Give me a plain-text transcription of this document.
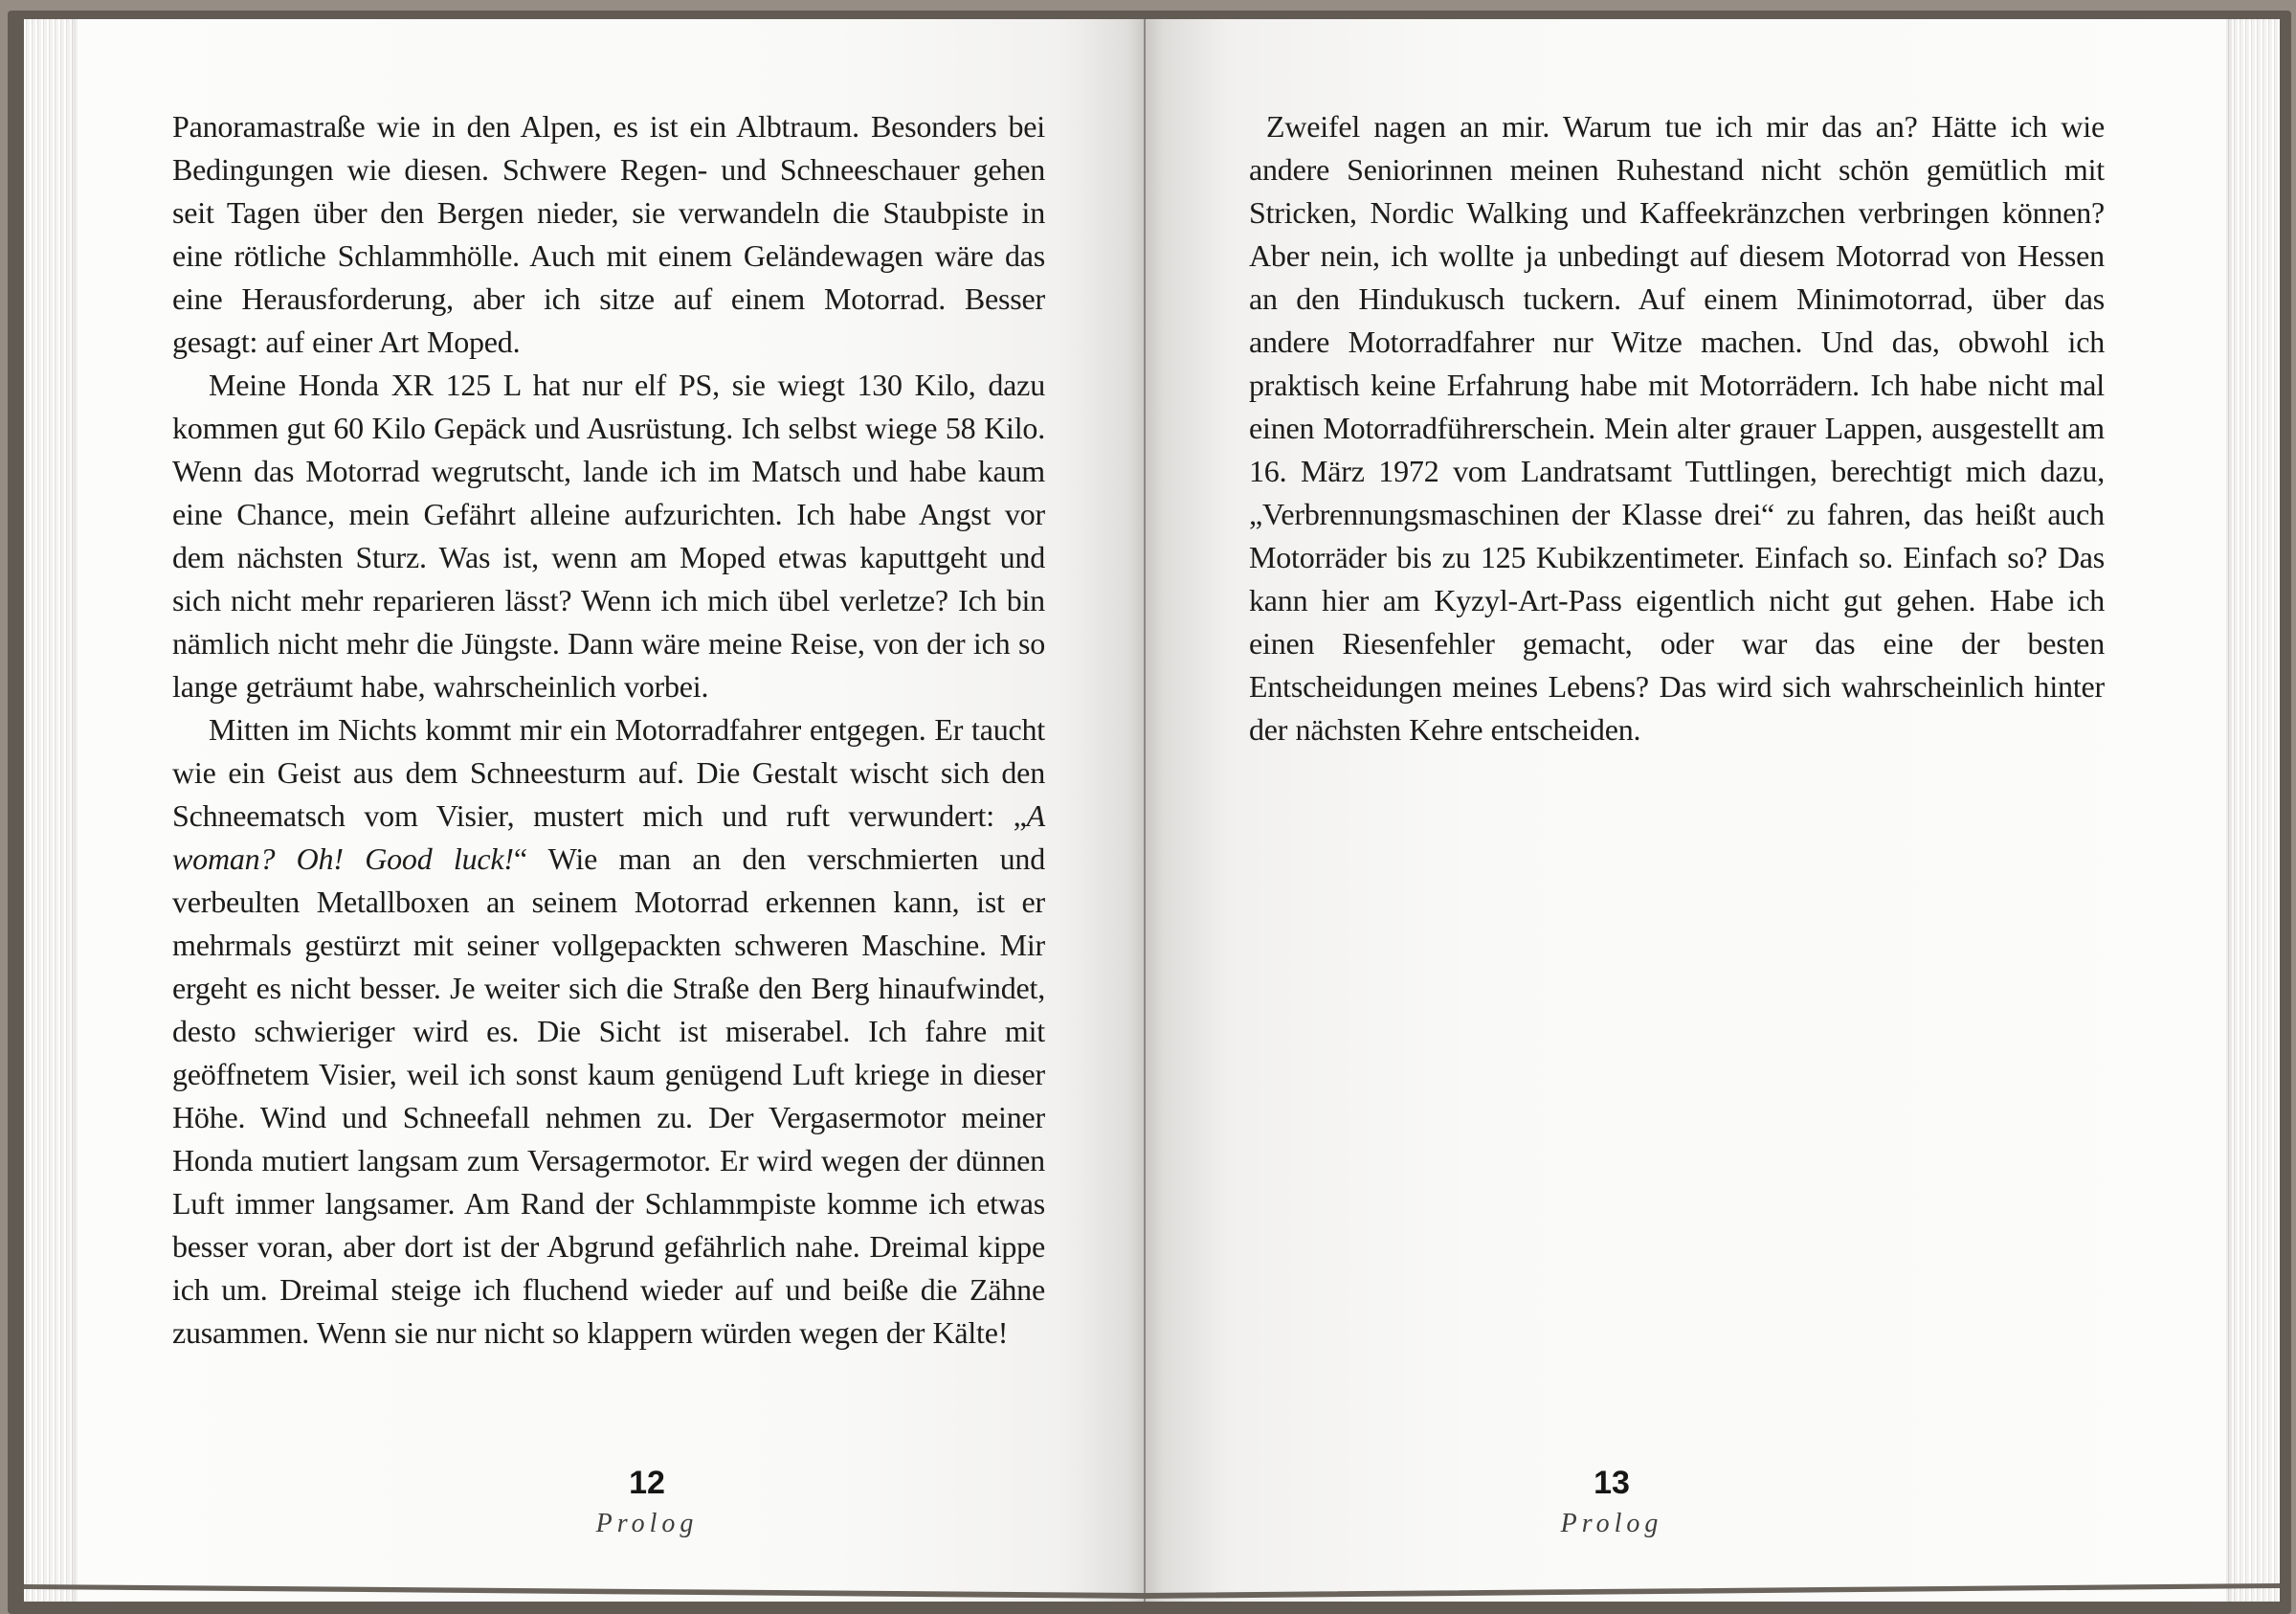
Panoramastraße wie in den Alpen, es ist ein Albtraum. Besonders bei Bedingungen wie diesen. Schwere Regen- und Schneeschauer gehen seit Tagen über den Bergen nieder, sie verwandeln die Staubpiste in eine rötliche Schlammhölle. Auch mit einem Geländewagen wäre das eine Herausforderung, aber ich sitze auf einem Motorrad. Besser gesagt: auf einer Art Moped.

Meine Honda XR 125 L hat nur elf PS, sie wiegt 130 Kilo, dazu kommen gut 60 Kilo Gepäck und Ausrüstung. Ich selbst wiege 58 Kilo. Wenn das Motorrad wegrutscht, lande ich im Matsch und habe kaum eine Chance, mein Gefährt alleine aufzurichten. Ich habe Angst vor dem nächsten Sturz. Was ist, wenn am Moped etwas kaputtgeht und sich nicht mehr reparieren lässt? Wenn ich mich übel verletze? Ich bin nämlich nicht mehr die Jüngste. Dann wäre meine Reise, von der ich so lange geträumt habe, wahrscheinlich vorbei.

Mitten im Nichts kommt mir ein Motorradfahrer entgegen. Er taucht wie ein Geist aus dem Schneesturm auf. Die Gestalt wischt sich den Schneematsch vom Visier, mustert mich und ruft verwundert: „A woman? Oh! Good luck!“ Wie man an den verschmierten und verbeulten Metallboxen an seinem Motorrad erkennen kann, ist er mehrmals gestürzt mit seiner vollgepackten schweren Maschine. Mir ergeht es nicht besser. Je weiter sich die Straße den Berg hinaufwindet, desto schwieriger wird es. Die Sicht ist miserabel. Ich fahre mit geöffnetem Visier, weil ich sonst kaum genügend Luft kriege in dieser Höhe. Wind und Schneefall nehmen zu. Der Vergasermotor meiner Honda mutiert langsam zum Versagermotor. Er wird wegen der dünnen Luft immer langsamer. Am Rand der Schlammpiste komme ich etwas besser voran, aber dort ist der Abgrund gefährlich nahe. Dreimal kippe ich um. Dreimal steige ich fluchend wieder auf und beiße die Zähne zusammen. Wenn sie nur nicht so klappern würden wegen der Kälte!

Zweifel nagen an mir. Warum tue ich mir das an? Hätte ich wie andere Seniorinnen meinen Ruhestand nicht schön gemütlich mit Stricken, Nordic Walking und Kaffeekränzchen verbringen können? Aber nein, ich wollte ja unbedingt auf diesem Motorrad von Hessen an den Hindukusch tuckern. Auf einem Minimotorrad, über das andere Motorradfahrer nur Witze machen. Und das, obwohl ich praktisch keine Erfahrung habe mit Motorrädern. Ich habe nicht mal einen Motorradführerschein. Mein alter grauer Lappen, ausgestellt am 16. März 1972 vom Landratsamt Tuttlingen, berechtigt mich dazu, „Verbrennungsmaschinen der Klasse drei“ zu fahren, das heißt auch Motorräder bis zu 125 Kubikzentimeter. Einfach so. Einfach so? Das kann hier am Kyzyl-Art-Pass eigentlich nicht gut gehen. Habe ich einen Riesenfehler gemacht, oder war das eine der besten Entscheidungen meines Lebens? Das wird sich wahrscheinlich hinter der nächsten Kehre entscheiden.

12
Prolog
13
Prolog
